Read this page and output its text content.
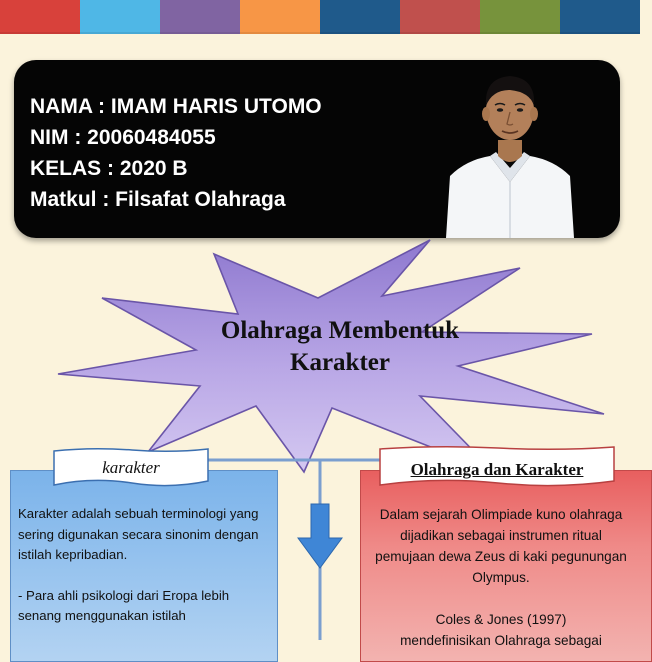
NAMA : IMAM HARIS UTOMO
NIM : 20060484055
KELAS : 2020 B
Matkul : Filsafat Olahraga
Olahraga Membentuk
Karakter
karakter

Karakter adalah sebuah terminologi yang sering digunakan secara sinonim dengan istilah kepribadian.

- Para ahli psikologi dari Eropa lebih senang menggunakan istilah

Olahraga dan Karakter

Dalam sejarah Olimpiade kuno olahraga dijadikan sebagai instrumen ritual pemujaan dewa Zeus di kaki pegunungan Olympus.

Coles & Jones (1997)

mendefinisikan Olahraga sebagai
